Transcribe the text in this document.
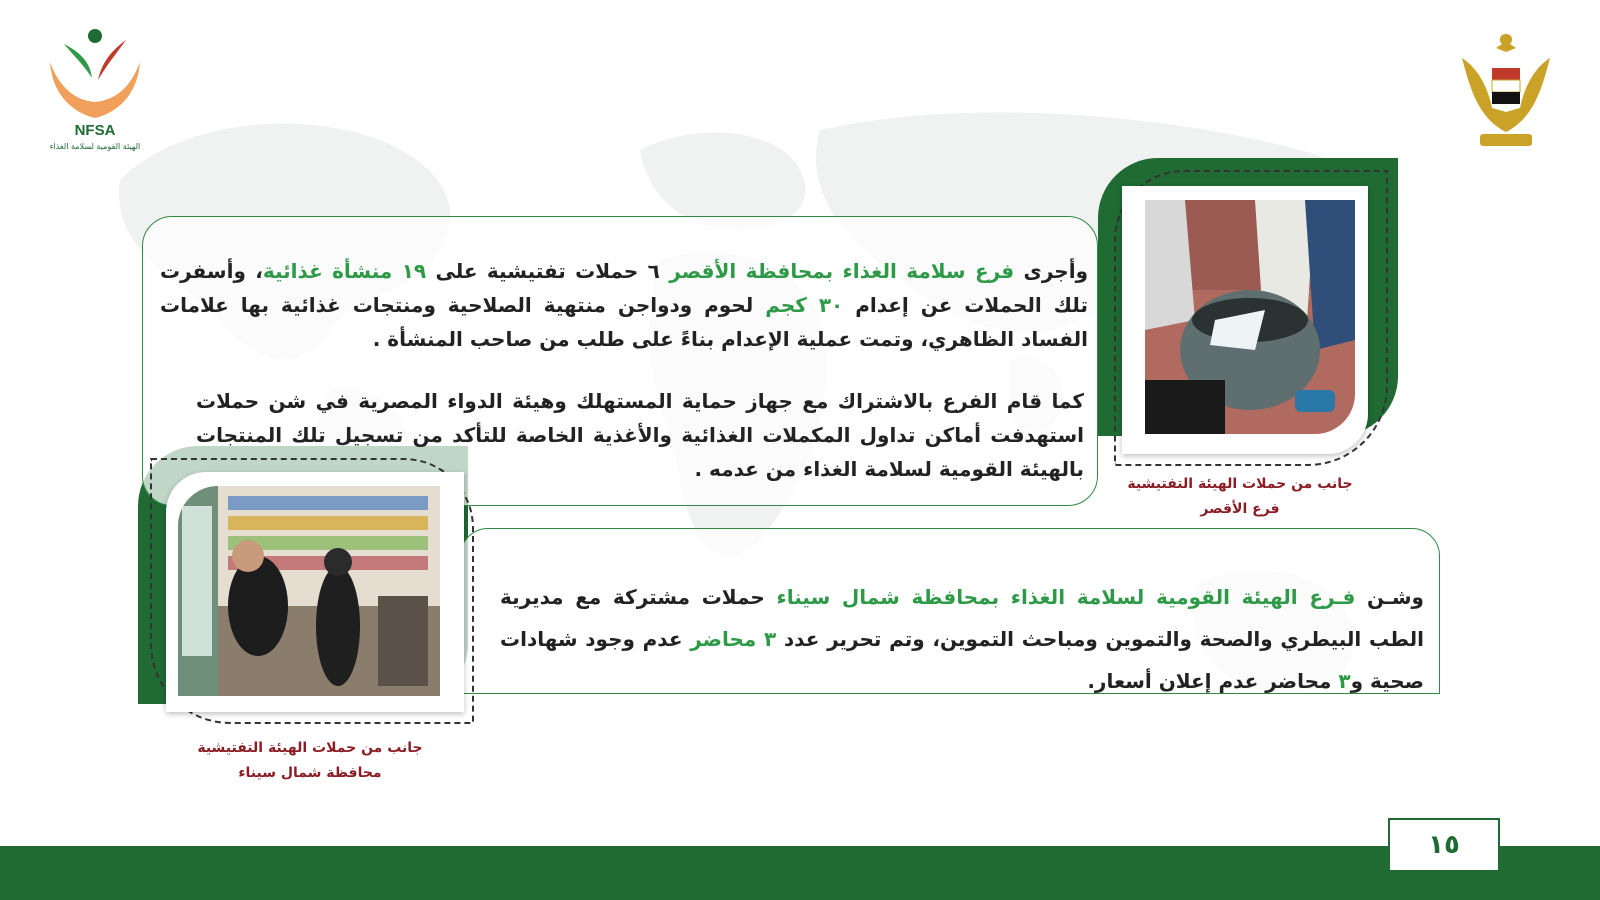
NFSA
الهيئة القومية لسلامة الغذاء

وأجرى فرع سلامة الغذاء بمحافظة الأقصر ٦ حملات تفتيشية على ١٩ منشأة غذائية، وأسفرت تلك الحملات عن إعدام ٣٠ كجم لحوم ودواجن منتهية الصلاحية ومنتجات غذائية بها علامات الفساد الظاهري، وتمت عملية الإعدام بناءً على طلب من صاحب المنشأة .

كما قام الفرع بالاشتراك مع جهاز حماية المستهلك وهيئة الدواء المصرية في شن حملات استهدفت أماكن تداول المكملات الغذائية والأغذية الخاصة للتأكد من تسجيل تلك المنتجات بالهيئة القومية لسلامة الغذاء من عدمه .

جانب من حملات الهيئة التفتيشية
فرع الأقصر

وشـن فـرع الهيئة القومية لسلامة الغذاء بمحافظة شمال سيناء حملات مشتركة مع مديرية الطب البيطري والصحة والتموين ومباحث التموين، وتم تحرير عدد ٣ محاضر عدم وجود شهادات صحية و٣ محاضر عدم إعلان أسعار.

جانب من حملات الهيئة التفتيشية
محافظة شمال سيناء
١٥
